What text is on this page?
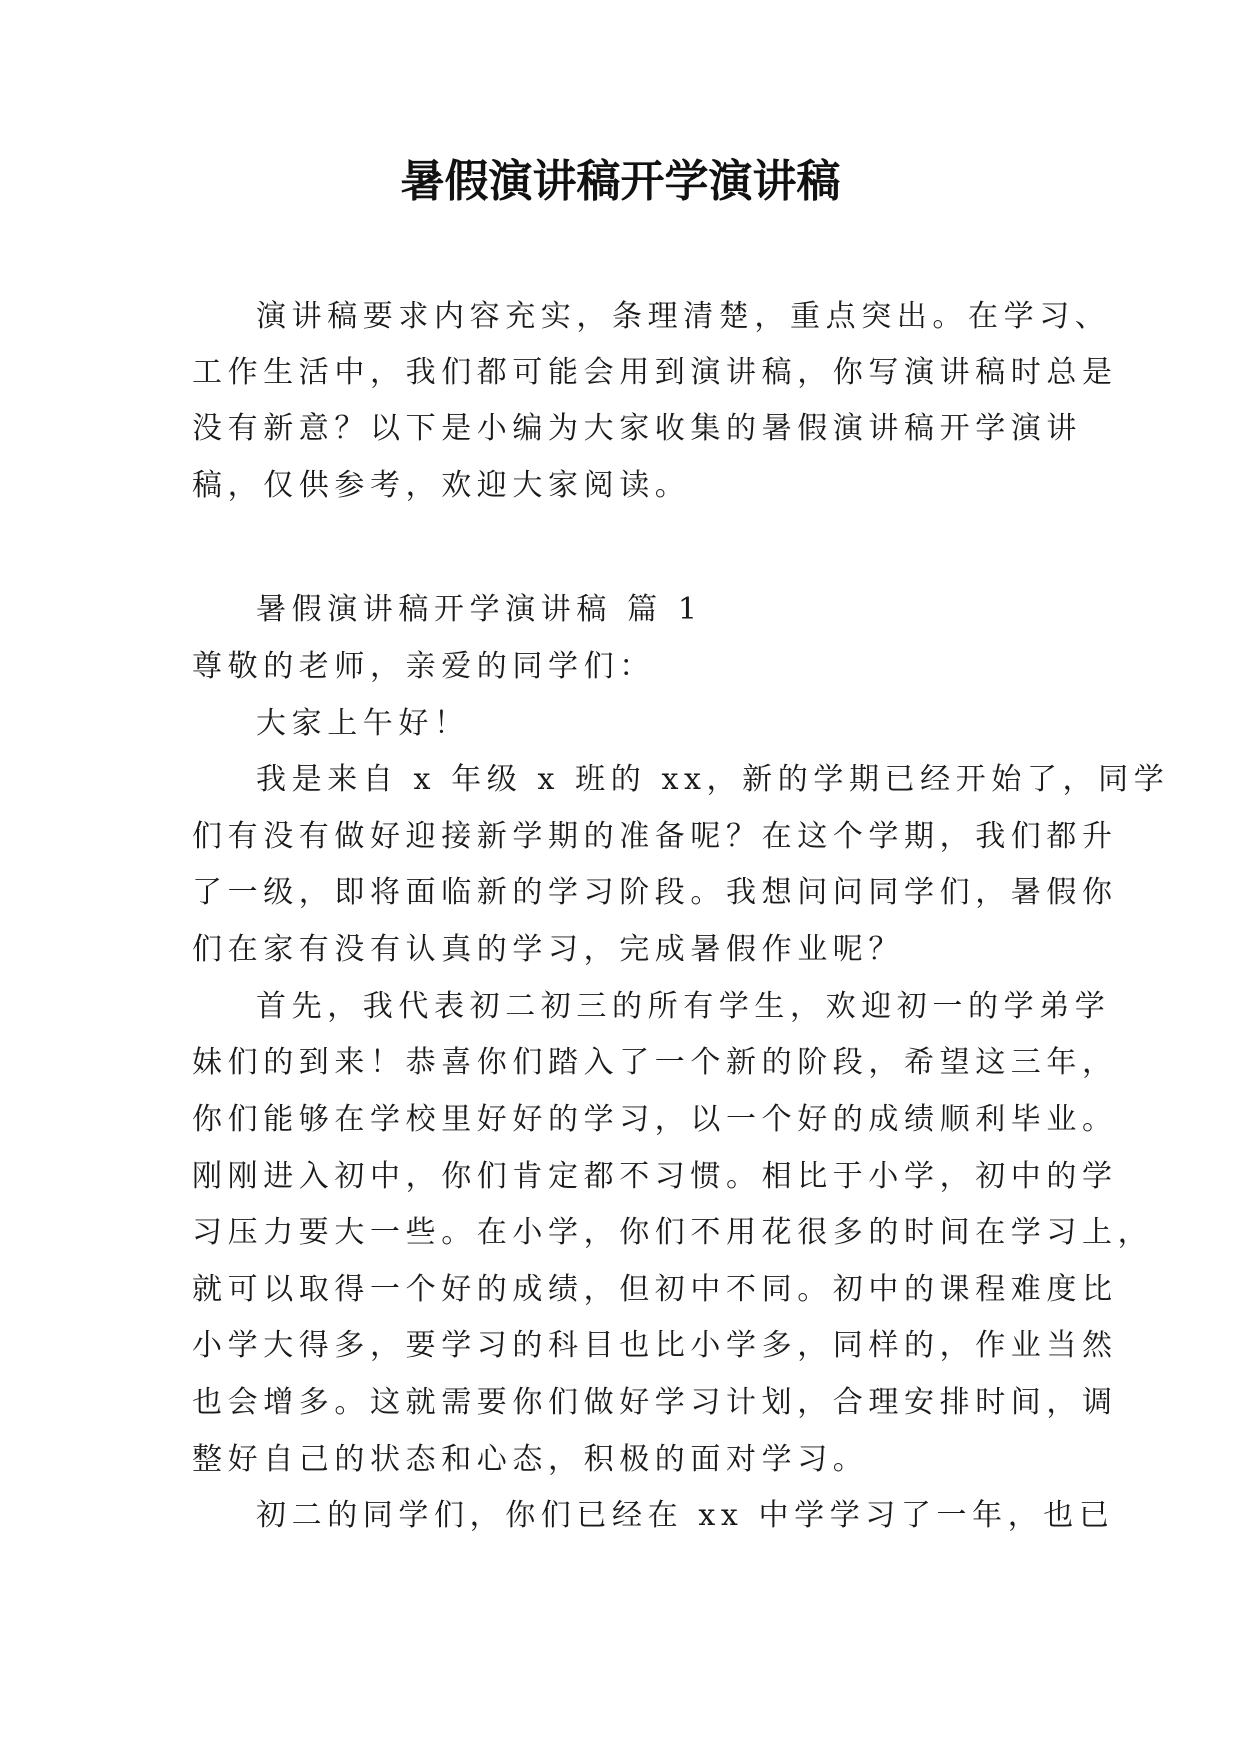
暑假演讲稿开学演讲稿
演讲稿要求内容充实，条理清楚，重点突出。在学习、
工作生活中，我们都可能会用到演讲稿，你写演讲稿时总是
没有新意？以下是小编为大家收集的暑假演讲稿开学演讲
稿，仅供参考，欢迎大家阅读。
暑假演讲稿开学演讲稿 篇 1
尊敬的老师，亲爱的同学们：
大家上午好！
我是来自 x 年级 x 班的 xx，新的学期已经开始了，同学
们有没有做好迎接新学期的准备呢？在这个学期，我们都升
了一级，即将面临新的学习阶段。我想问问同学们，暑假你
们在家有没有认真的学习，完成暑假作业呢？
首先，我代表初二初三的所有学生，欢迎初一的学弟学
妹们的到来！恭喜你们踏入了一个新的阶段，希望这三年，
你们能够在学校里好好的学习，以一个好的成绩顺利毕业。
刚刚进入初中，你们肯定都不习惯。相比于小学，初中的学
习压力要大一些。在小学，你们不用花很多的时间在学习上，
就可以取得一个好的成绩，但初中不同。初中的课程难度比
小学大得多，要学习的科目也比小学多，同样的，作业当然
也会增多。这就需要你们做好学习计划，合理安排时间，调
整好自己的状态和心态，积极的面对学习。
初二的同学们，你们已经在 xx 中学学习了一年，也已
